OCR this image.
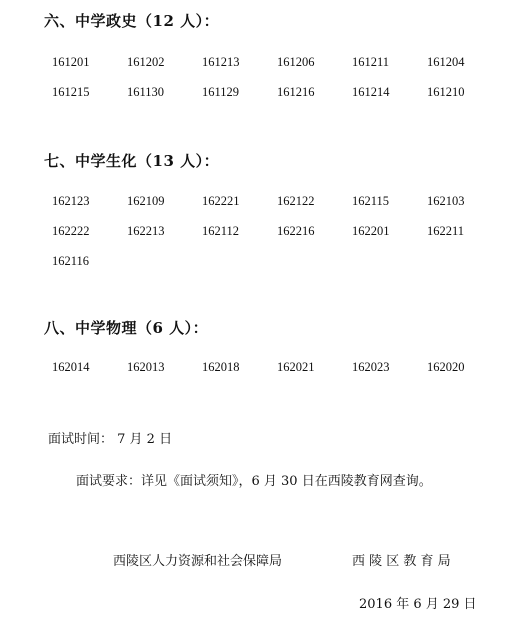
六、中学政史（12 人）：
161201	161202	161213	161206	161211	161204
161215	161130	161129	161216	161214	161210
七、中学生化（13 人）：
162123	162109	162221	162122	162115	162103
162222	162213	162112	162216	162201	162211
162116
八、中学物理（6 人）：
162014	162013	162018	162021	162023	162020

面试时间： 7 月 2 日

面试要求：详见《面试须知》，6 月 30 日在西陵教育网查询。

西陵区人力资源和社会保障局	西 陵 区 教 育 局

2016 年 6 月 29 日
